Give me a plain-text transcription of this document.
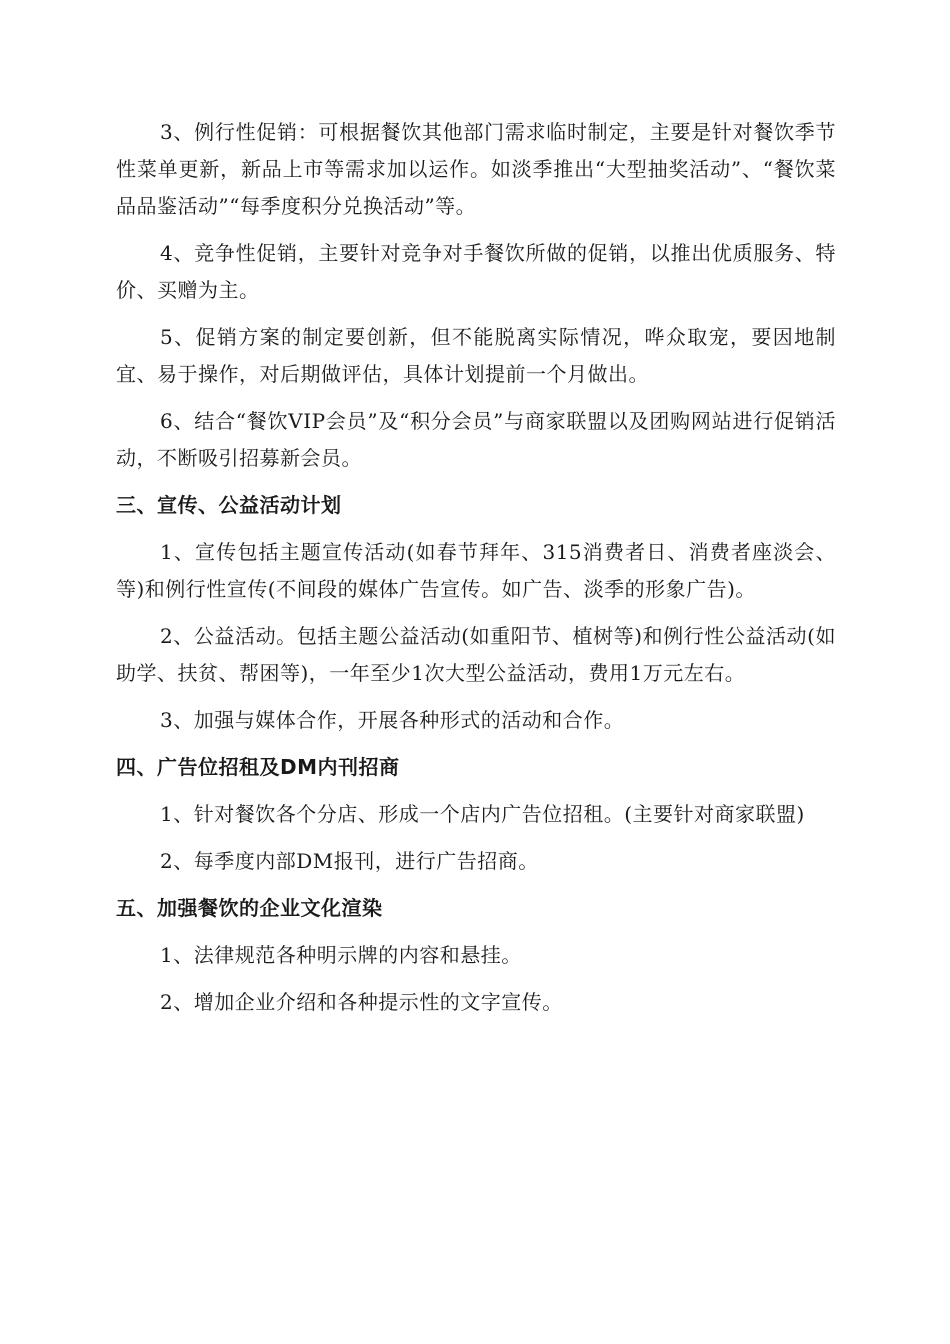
3、例行性促销：可根据餐饮其他部门需求临时制定，主要是针对餐饮季节性菜单更新，新品上市等需求加以运作。如淡季推出“大型抽奖活动”、“餐饮菜品品鉴活动”“每季度积分兑换活动”等。

4、竞争性促销，主要针对竞争对手餐饮所做的促销，以推出优质服务、特价、买赠为主。

5、促销方案的制定要创新，但不能脱离实际情况，哗众取宠，要因地制宜、易于操作，对后期做评估，具体计划提前一个月做出。

6、结合“餐饮VIP会员”及“积分会员”与商家联盟以及团购网站进行促销活动，不断吸引招募新会员。

三、宣传、公益活动计划

1、宣传包括主题宣传活动(如春节拜年、315消费者日、消费者座淡会、等)和例行性宣传(不间段的媒体广告宣传。如广告、淡季的形象广告)。

2、公益活动。包括主题公益活动(如重阳节、植树等)和例行性公益活动(如助学、扶贫、帮困等)，一年至少1次大型公益活动，费用1万元左右。

3、加强与媒体合作，开展各种形式的活动和合作。

四、广告位招租及DM内刊招商

1、针对餐饮各个分店、形成一个店内广告位招租。(主要针对商家联盟)

2、每季度内部DM报刊，进行广告招商。

五、加强餐饮的企业文化渲染

1、法律规范各种明示牌的内容和悬挂。

2、增加企业介绍和各种提示性的文字宣传。
